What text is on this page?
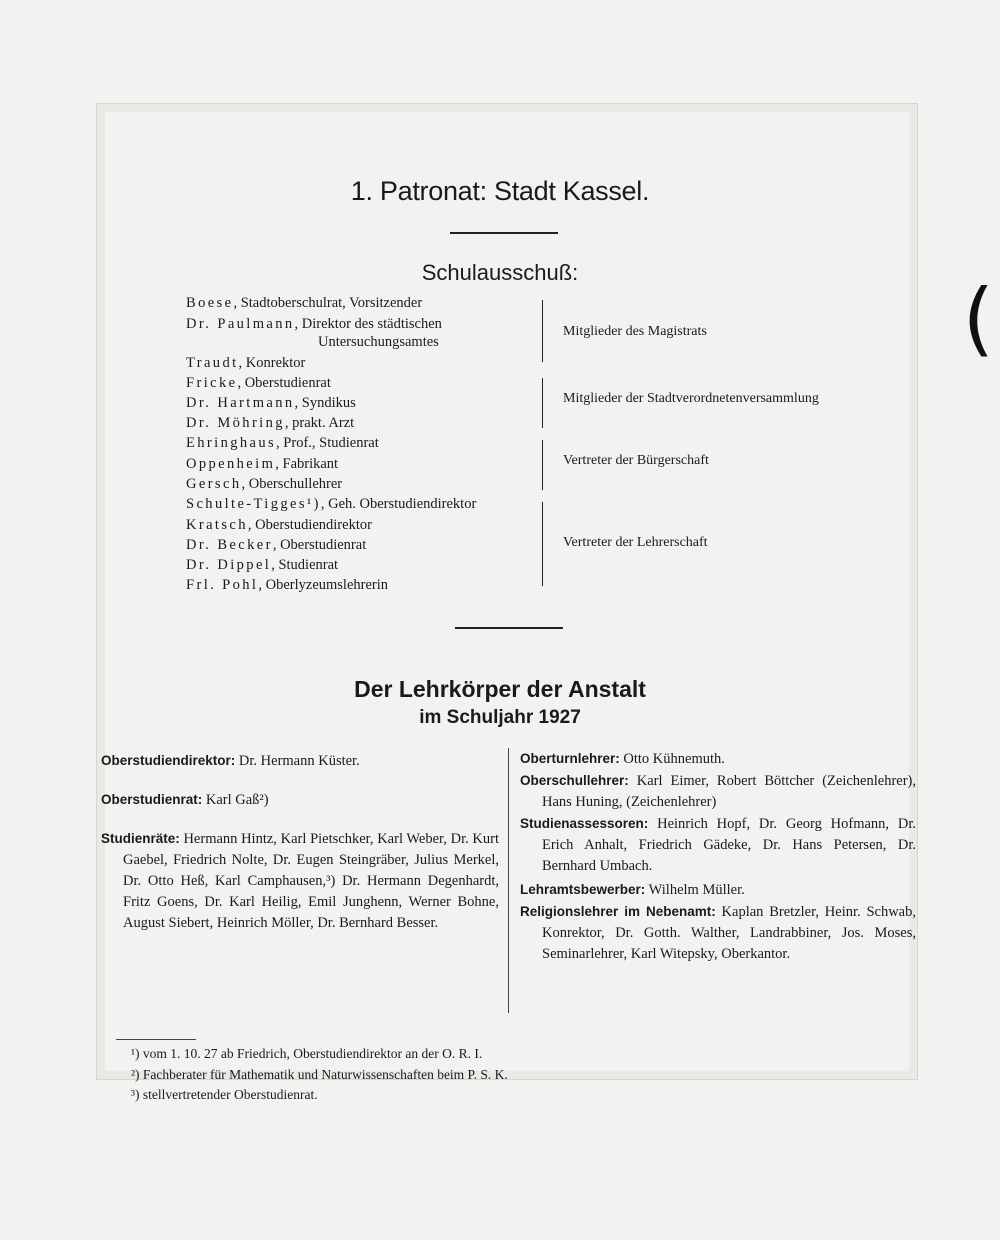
(
1. Patronat: Stadt Kassel.
Schulausschuß:
Boese, Stadtoberschulrat, Vorsitzender
Dr. Paulmann, Direktor des städtischen
Untersuchungsamtes
Traudt, Konrektor
Fricke, Oberstudienrat
Dr. Hartmann, Syndikus
Dr. Möhring, prakt. Arzt
Ehringhaus, Prof., Studienrat
Oppenheim, Fabrikant
Gersch, Oberschullehrer
Schulte-Tigges¹), Geh. Oberstudiendirektor
Kratsch, Oberstudiendirektor
Dr. Becker, Oberstudienrat
Dr. Dippel, Studienrat
Frl. Pohl, Oberlyzeumslehrerin
Mitglieder des Magistrats
Mitglieder der Stadtverordnetenversammlung
Vertreter der Bürgerschaft
Vertreter der Lehrerschaft
Der Lehrkörper der Anstalt
im Schuljahr 1927

Oberstudiendirektor: Dr. Hermann Küster.

Oberstudienrat: Karl Gaß²)

Studienräte: Hermann Hintz, Karl Pietschker, Karl Weber, Dr. Kurt Gaebel, Friedrich Nolte, Dr. Eugen Steingräber, Julius Merkel, Dr. Otto Heß, Karl Camphausen,³) Dr. Hermann Degenhardt, Fritz Goens, Dr. Karl Heilig, Emil Junghenn, Werner Bohne, August Siebert, Heinrich Möller, Dr. Bernhard Besser.

Oberturnlehrer: Otto Kühnemuth.

Oberschullehrer: Karl Eimer, Robert Böttcher (Zeichenlehrer), Hans Huning, (Zeichenlehrer)

Studienassessoren: Heinrich Hopf, Dr. Georg Hofmann, Dr. Erich Anhalt, Friedrich Gädeke, Dr. Hans Petersen, Dr. Bernhard Umbach.

Lehramtsbewerber: Wilhelm Müller.

Religionslehrer im Nebenamt: Kaplan Bretzler, Heinr. Schwab, Konrektor, Dr. Gotth. Walther, Landrabbiner, Jos. Moses, Seminarlehrer, Karl Witepsky, Oberkantor.

¹) vom 1. 10. 27 ab Friedrich, Oberstudiendirektor an der O. R. I.
²) Fachberater für Mathematik und Naturwissenschaften beim P. S. K.
³) stellvertretender Oberstudienrat.
